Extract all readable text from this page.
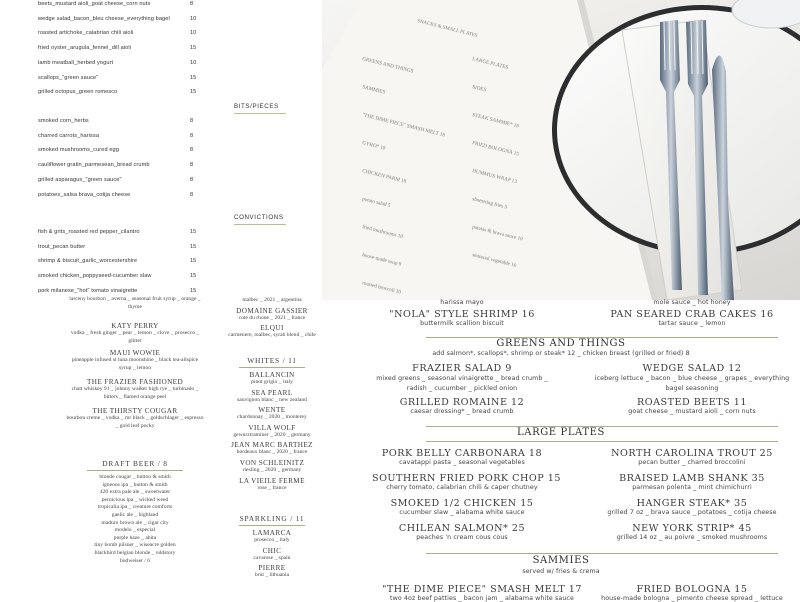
beets_mustard aioli_goat cheese_corn nuts	8
wedge salad_bacon_bleu cheese_everything bagel	10
roasted artichoke_calabrian chili aioli	10
fried oyster_arugula_fennel_dill aioli	15
lamb meatball_herbed yogurt	10
scallops_"green sauce"	15
grilled octopus_green romesco	15
BITS/PIECES
smoked corn_herbs	8
charred carrots_harissa	8
smoked mushrooms_cured egg	8
cauliflower gratin_parmesean_bread crumb	8
grilled asparagus_"green sauce"	8
potatoes_salsa brava_cotija cheese	8
CONVICTIONS
fish & grits_roasted red pepper_cilantro	15
trout_pecan butter	15
shrimp & biscuit_garlic_worcestershire	15
smoked chicken_poppyseed-cucumber slaw	15
pork milanese_"hot" tomato vinaigrette	15
SNACKS & SMALL PLATES
GREENS AND THINGS	LARGE PLATES
SAMMIES	SIDES
"THE DIME PIECE" SMASH MELT 18	STEAK SAMMIE* 18
GYRO* 18	FRIED BOLOGNA 15
CHICKEN PARM 18	HUMMUS WRAP 13
potato salad 5	shoestring fries 5
fried mushrooms 10	patatas & brava sauce 10
house-made soup 8	seasonal vegetable 10
roasted broccoli 10
larceny bourbon _ averna _ seasonal fruit syrup _ orange _ thyme
KATY PERRY
vodka _ fresh ginger _ pear _ lemon _ clove _ prosecco _ glitter
MAUI WOWIE
pineapple infused st luna moonshine _ black tea-allspice syrup _ lemon
THE FRAZIER FASHIONED
chatt whiskey 91 _ johnny walker high rye _ turbinado _ bitters _ flamed orange peel
THE THIRSTY COUGAR
bourbon creme _ vodka _ mr black _ goldschlager _ espresso _ gold leaf pocky
DRAFT BEER / 8
blonde cougar _ button & smith
igneous ipa _ button & smith
420 extra pale ale _ sweetwater
pernicious ipa _ wicked weed
tropicalia ipa _ creature comforts
gaelic ale _ highland
maduro brown ale _ cigar city
modelo _ especial
purple haze _ abita
tiny bomb pilsner _ wiseacre golden
blackbird belgian blonde _ oddstory
budweiser / 6
malbec _ 2021 _ argentina
DOMAINE GASSIER
cote du rhone _ 2021 _ france
ELQUI
carmenere, malbec, syrah blend _ chile
WHITES / 11
BALLANCIN
pinot grigio _ italy
SEA PEARL
sauvignon blanc _ new zealand
WENTE
chardonnay _ 2020 _ monterey
VILLA WOLF
gewurztraminer _ 2020 _ germany
JEAN MARC BARTHEZ
bordeaux blanc _ 2020 _ france
VON SCHLEINITZ
riesling _ 2020 _ germany
LA VIEILE FERME
rose _ france
SPARKLING / 11
LAMARCA
prosecco _ italy
CHIC
cavarose _ spain
PIERRE
brut _ lithuania
harissa mayo	mole sauce _ hot honey
"NOLA" STYLE SHRIMP 16
buttermilk scallion biscuit
PAN SEARED CRAB CAKES 16
tartar sauce _ lemon
GREENS AND THINGS
add salmon*, scallops*, shrimp or steak* 12 _ chicken breast (grilled or fried) 8
FRAZIER SALAD 9
mixed greens _ seasonal vinaigrette _ bread crumb _ radish _ cucumber _ pickled onion
WEDGE SALAD 12
iceberg lettuce _ bacon _ blue cheese _ grapes _ everything bagel seasoning
GRILLED ROMAINE 12
caesar dressing* _ bread crumb
ROASTED BEETS 11
goat cheese _ mustard aioli _ corn nuts
LARGE PLATES
PORK BELLY CARBONARA 18
cavatappi pasta _ seasonal vegetables
NORTH CAROLINA TROUT 25
pecan butter _ charred broccolini
SOUTHERN FRIED PORK CHOP 15
cherry tomato, calabrian chili & caper chutney
BRAISED LAMB SHANK 35
parmesan polenta _ mint chimichurri
SMOKED 1/2 CHICKEN 15
cucumber slaw _ alabama white sauce
HANGER STEAK* 35
grilled 7 oz _ brava sauce _ potatoes _ cotija cheese
CHILEAN SALMON* 25
peaches 'n cream cous cous
NEW YORK STRIP* 45
grilled 14 oz _ au poivre _ smoked mushrooms
SAMMIES
served w/ fries & crema
"THE DIME PIECE" SMASH MELT 17
two 4oz beef patties _ bacon jam _ alabama white sauce
FRIED BOLOGNA 15
house-made bologna _ pimento cheese spread _ lettuce
